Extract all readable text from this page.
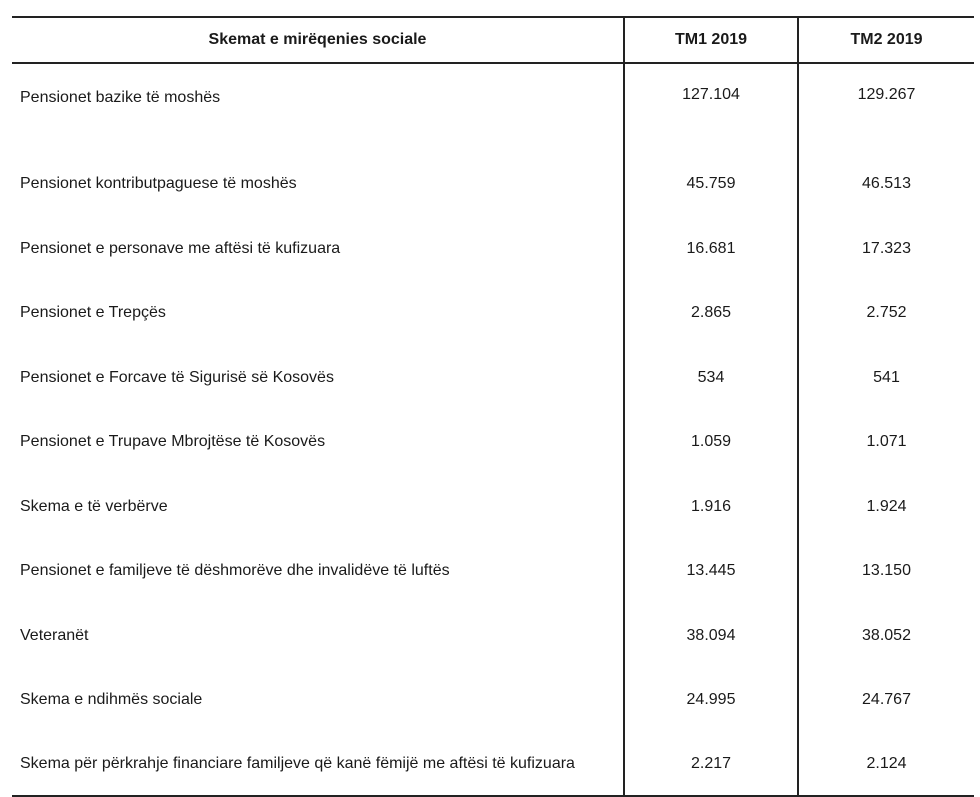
Skemat e mirëqenies sociale	TM1 2019	TM2 2019
Pensionet bazike të moshës	127.104	129.267
Pensionet kontributpaguese të moshës	45.759	46.513
Pensionet e personave me aftësi të kufizuara	16.681	17.323
Pensionet e Trepçës	2.865	2.752
Pensionet e Forcave të Sigurisë së Kosovës	534	541
Pensionet e Trupave Mbrojtëse të Kosovës	1.059	1.071
Skema e të verbërve	1.916	1.924
Pensionet e familjeve të dëshmorëve dhe invalidëve të luftës	13.445	13.150
Veteranët	38.094	38.052
Skema e ndihmës sociale	24.995	24.767
Skema për përkrahje financiare familjeve që kanë fëmijë me aftësi të kufizuara	2.217	2.124
